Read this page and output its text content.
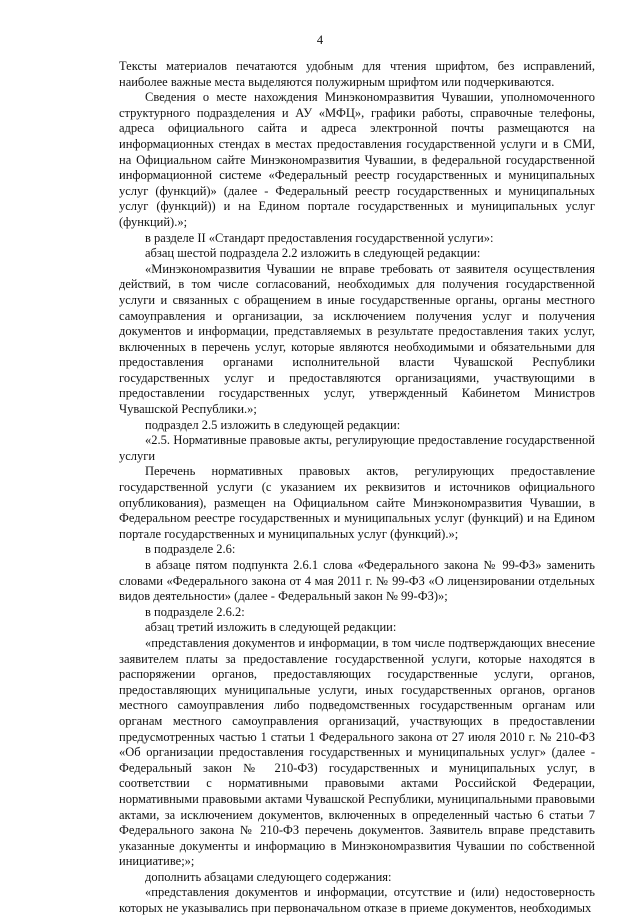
4

Тексты материалов печатаются удобным для чтения шрифтом, без исправлений, наиболее важные места выделяются полужирным шрифтом или подчеркиваются.

Сведения о месте нахождения Минэкономразвития Чувашии, уполномоченного структурного подразделения и АУ «МФЦ», графики работы, справочные телефоны, адреса официального сайта и адреса электронной почты размещаются на информационных стендах в местах предоставления государственной услуги и в СМИ, на Официальном сайте Минэкономразвития Чувашии, в федеральной государственной информационной системе «Федеральный реестр государственных и муниципальных услуг (функций)» (далее - Федеральный реестр государственных и муниципальных услуг (функций)) и на Едином портале государственных и муниципальных услуг (функций).»;

в разделе II «Стандарт предоставления государственной услуги»:

абзац шестой подраздела 2.2 изложить в следующей редакции:

«Минэкономразвития Чувашии не вправе требовать от заявителя осуществления действий, в том числе согласований, необходимых для получения государственной услуги и связанных с обращением в иные государственные органы, органы местного самоуправления и организации, за исключением получения услуг и получения документов и информации, представляемых в результате предоставления таких услуг, включенных в перечень услуг, которые являются необходимыми и обязательными для предоставления органами исполнительной власти Чувашской Республики государственных услуг и предоставляются организациями, участвующими в предоставлении государственных услуг, утвержденный Кабинетом Министров Чувашской Республики.»;

подраздел 2.5 изложить в следующей редакции:

«2.5. Нормативные правовые акты, регулирующие предоставление государственной услуги

Перечень нормативных правовых актов, регулирующих предоставление государственной услуги (с указанием их реквизитов и источников официального опубликования), размещен на Официальном сайте Минэкономразвития Чувашии, в Федеральном реестре государственных и муниципальных услуг (функций) и на Едином портале государственных и муниципальных услуг (функций).»;

в подразделе 2.6:

в абзаце пятом подпункта 2.6.1 слова «Федерального закона № 99-ФЗ» заменить словами «Федерального закона от 4 мая 2011 г. № 99-ФЗ «О лицензировании отдельных видов деятельности» (далее - Федеральный закон № 99-ФЗ)»;

в подразделе 2.6.2:

абзац третий изложить в следующей редакции:

«представления документов и информации, в том числе подтверждающих внесение заявителем платы за предоставление государственной услуги, которые находятся в распоряжении органов, предоставляющих государственные услуги, органов, предоставляющих муниципальные услуги, иных государственных органов, органов местного самоуправления либо подведомственных государственным органам или органам местного самоуправления организаций, участвующих в предоставлении предусмотренных частью 1 статьи 1 Федерального закона от 27 июля 2010 г. № 210-ФЗ «Об организации предоставления государственных и муниципальных услуг» (далее - Федеральный закон № 210-ФЗ) государственных и муниципальных услуг, в соответствии с нормативными правовыми актами Российской Федерации, нормативными правовыми актами Чувашской Республики, муниципальными правовыми актами, за исключением документов, включенных в определенный частью 6 статьи 7 Федерального закона № 210-ФЗ перечень документов. Заявитель вправе представить указанные документы и информацию в Минэкономразвития Чувашии по собственной инициативе;»;

дополнить абзацами следующего содержания:

«представления документов и информации, отсутствие и (или) недостоверность которых не указывались при первоначальном отказе в приеме документов, необходимых
